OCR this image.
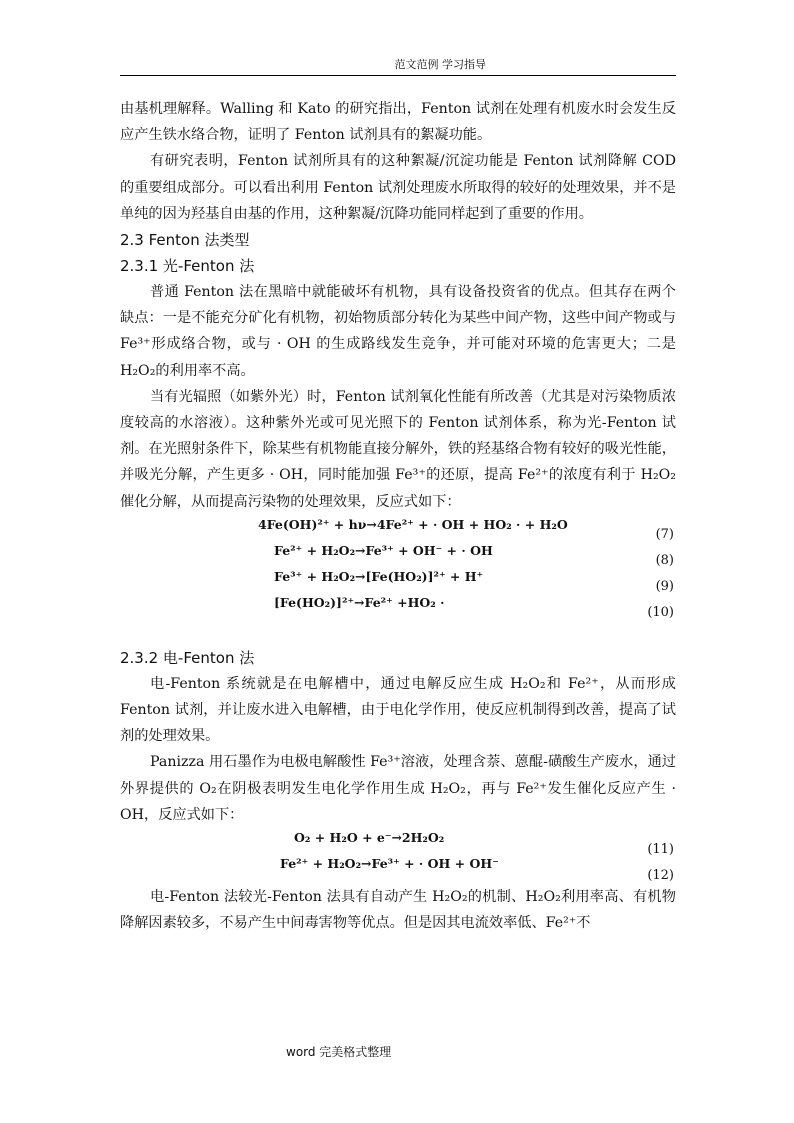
范文范例 学习指导

由基机理解释。Walling 和 Kato 的研究指出，Fenton 试剂在处理有机废水时会发生反应产生铁水络合物，证明了 Fenton 试剂具有的絮凝功能。

有研究表明，Fenton 试剂所具有的这种絮凝/沉淀功能是 Fenton 试剂降解 COD 的重要组成部分。可以看出利用 Fenton 试剂处理废水所取得的较好的处理效果，并不是单纯的因为羟基自由基的作用，这种絮凝/沉降功能同样起到了重要的作用。

2.3 Fenton 法类型

2.3.1 光-Fenton 法

普通 Fenton 法在黑暗中就能破坏有机物，具有设备投资省的优点。但其存在两个缺点：一是不能充分矿化有机物，初始物质部分转化为某些中间产物，这些中间产物或与 Fe³⁺形成络合物，或与 · OH 的生成路线发生竞争，并可能对环境的危害更大；二是 H₂O₂的利用率不高。

当有光辐照（如紫外光）时，Fenton 试剂氧化性能有所改善（尤其是对污染物质浓度较高的水溶液）。这种紫外光或可见光照下的 Fenton 试剂体系，称为光-Fenton 试剂。在光照射条件下，除某些有机物能直接分解外，铁的羟基络合物有较好的吸光性能，并吸光分解，产生更多 · OH，同时能加强 Fe³⁺的还原，提高 Fe²⁺的浓度有利于 H₂O₂催化分解，从而提高污染物的处理效果，反应式如下：

4Fe(OH)²⁺ + hν→4Fe²⁺ + · OH + HO₂ · + H₂O
(7)
Fe²⁺ + H₂O₂→Fe³⁺ + OH⁻ + · OH
(8)
Fe³⁺ + H₂O₂→[Fe(HO₂)]²⁺ + H⁺
(9)
[Fe(HO₂)]²⁺→Fe²⁺ +HO₂ ·
(10)

2.3.2 电-Fenton 法

电-Fenton 系统就是在电解槽中，通过电解反应生成 H₂O₂和 Fe²⁺，从而形成 Fenton 试剂，并让废水进入电解槽，由于电化学作用，使反应机制得到改善，提高了试剂的处理效果。

Panizza 用石墨作为电极电解酸性 Fe³⁺溶液，处理含萘、蒽醌-磺酸生产废水，通过外界提供的 O₂在阴极表明发生电化学作用生成 H₂O₂，再与 Fe²⁺发生催化反应产生 · OH，反应式如下：

O₂ + H₂O + e⁻→2H₂O₂
(11)
Fe²⁺ + H₂O₂→Fe³⁺ + · OH + OH⁻
(12)

电-Fenton 法较光-Fenton 法具有自动产生 H₂O₂的机制、H₂O₂利用率高、有机物降解因素较多，不易产生中间毒害物等优点。但是因其电流效率低、Fe²⁺不

word 完美格式整理
